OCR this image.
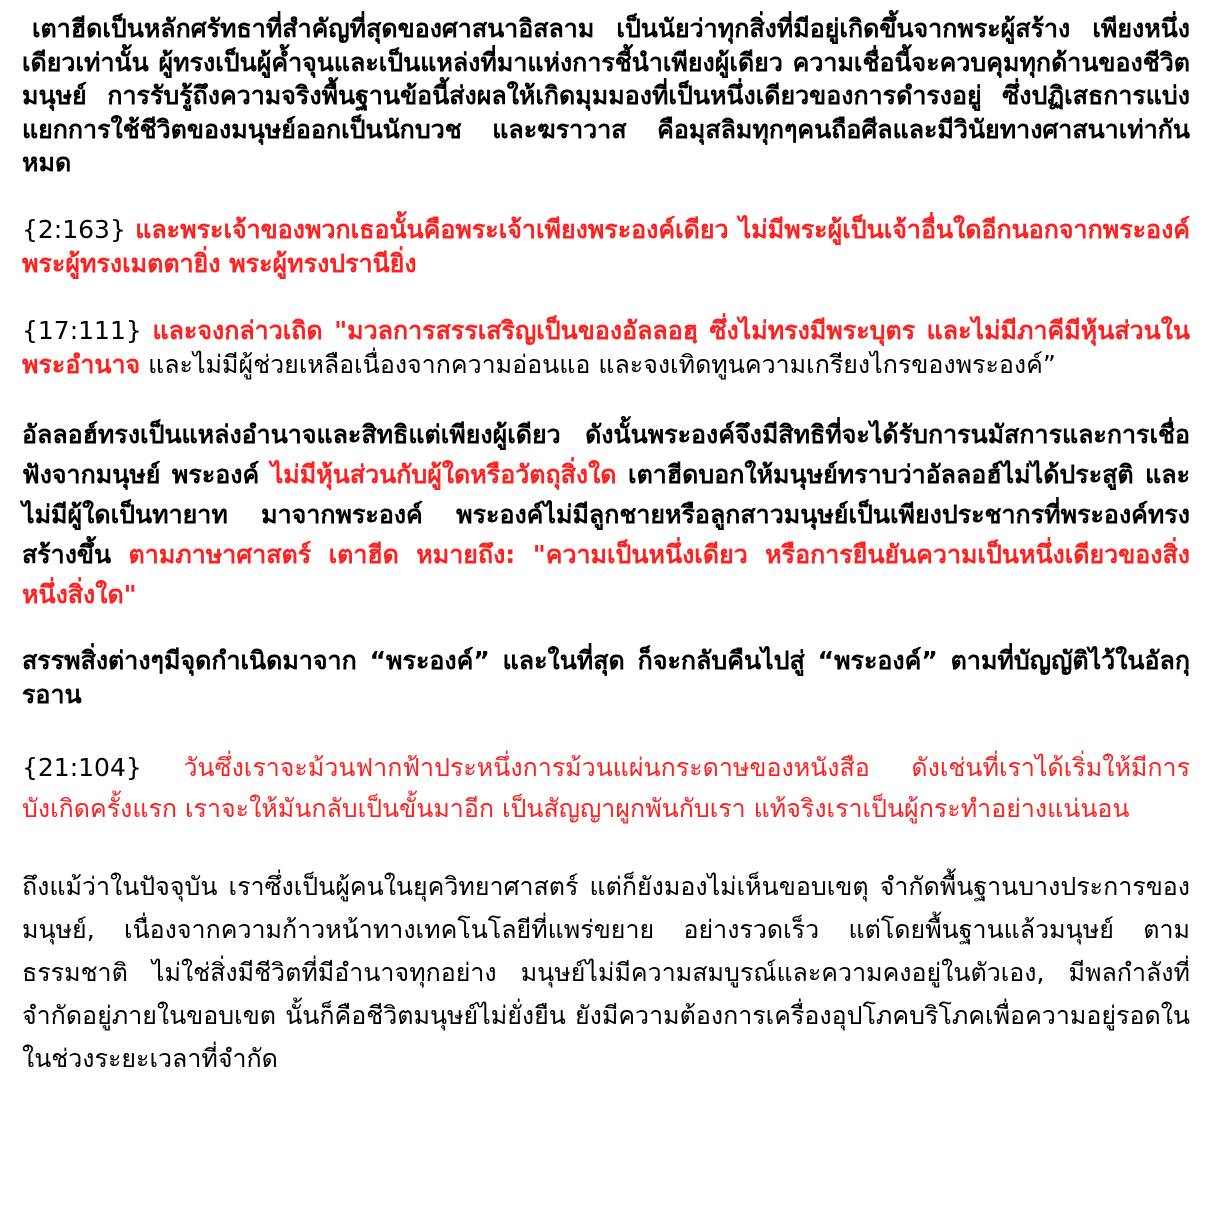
เตาฮีดเป็นหลักศรัทธาที่สำคัญที่สุดของศาสนาอิสลาม เป็นนัยว่าทุกสิ่งที่มีอยู่เกิดขึ้นจากพระผู้สร้าง เพียงหนึ่งเดียวเท่านั้น ผู้ทรงเป็นผู้ค้ำจุนและเป็นแหล่งที่มาแห่งการชี้นำเพียงผู้เดียว ความเชื่อนี้จะควบคุมทุกด้านของชีวิตมนุษย์ การรับรู้ถึงความจริงพื้นฐานข้อนี้ส่งผลให้เกิดมุมมองที่เป็นหนึ่งเดียวของการดำรงอยู่ ซึ่งปฏิเสธการแบ่งแยกการใช้ชีวิตของมนุษย์ออกเป็นนักบวช และฆราวาส คือมุสลิมทุกๆคนถือศีลและมีวินัยทางศาสนาเท่ากันหมด

{2:163} และพระเจ้าของพวกเธอนั้นคือพระเจ้าเพียงพระองค์เดียว ไม่มีพระผู้เป็นเจ้าอื่นใดอีกนอกจากพระองค์ พระผู้ทรงเมตตายิ่ง พระผู้ทรงปรานียิ่ง

{17:111} และจงกล่าวเถิด "มวลการสรรเสริญเป็นของอัลลอฮฺ ซึ่งไม่ทรงมีพระบุตร และไม่มีภาคีมีหุ้นส่วนในพระอำนาจ และไม่มีผู้ช่วยเหลือเนื่องจากความอ่อนแอ และจงเทิดทูนความเกรียงไกรของพระองค์”

อัลลอฮ์ทรงเป็นแหล่งอำนาจและสิทธิแต่เพียงผู้เดียว ดังนั้นพระองค์จึงมีสิทธิที่จะได้รับการนมัสการและการเชื่อฟังจากมนุษย์ พระองค์ ไม่มีหุ้นส่วนกับผู้ใดหรือวัตถุสิ่งใด เตาฮีดบอกให้มนุษย์ทราบว่าอัลลอฮ์ไม่ได้ประสูติ และไม่มีผู้ใดเป็นทายาท มาจากพระองค์ พระองค์ไม่มีลูกชายหรือลูกสาวมนุษย์เป็นเพียงประชากรที่พระองค์ทรงสร้างขึ้น ตามภาษาศาสตร์ เตาฮีด หมายถึง: "ความเป็นหนึ่งเดียว หรือการยืนยันความเป็นหนึ่งเดียวของสิ่งหนึ่งสิ่งใด"

สรรพสิ่งต่างๆมีจุดกำเนิดมาจาก “พระองค์” และในที่สุด ก็จะกลับคืนไปสู่ “พระองค์” ตามที่บัญญัติไว้ในอัลกุรอาน

{21:104} วันซึ่งเราจะม้วนฟากฟ้าประหนึ่งการม้วนแผ่นกระดาษของหนังสือ ดังเช่นที่เราได้เริ่มให้มีการบังเกิดครั้งแรก เราจะให้มันกลับเป็นขั้นมาอีก เป็นสัญญาผูกพันกับเรา แท้จริงเราเป็นผู้กระทำอย่างแน่นอน

ถึงแม้ว่าในปัจจุบัน เราซึ่งเป็นผู้คนในยุควิทยาศาสตร์ แต่ก็ยังมองไม่เห็นขอบเขตุ จำกัดพื้นฐานบางประการของมนุษย์, เนื่องจากความก้าวหน้าทางเทคโนโลยีที่แพร่ขยาย อย่างรวดเร็ว แต่โดยพื้นฐานแล้วมนุษย์ ตามธรรมชาติ ไม่ใช่สิ่งมีชีวิตที่มีอำนาจทุกอย่าง มนุษย์ไม่มีความสมบูรณ์และความคงอยู่ในตัวเอง, มีพลกำลังที่จำกัดอยู่ภายในขอบเขต นั้นก็คือชีวิตมนุษย์ไม่ยั่งยืน ยังมีความต้องการเครื่องอุปโภคบริโภคเพื่อความอยู่รอดในในช่วงระยะเวลาที่จำกัด
